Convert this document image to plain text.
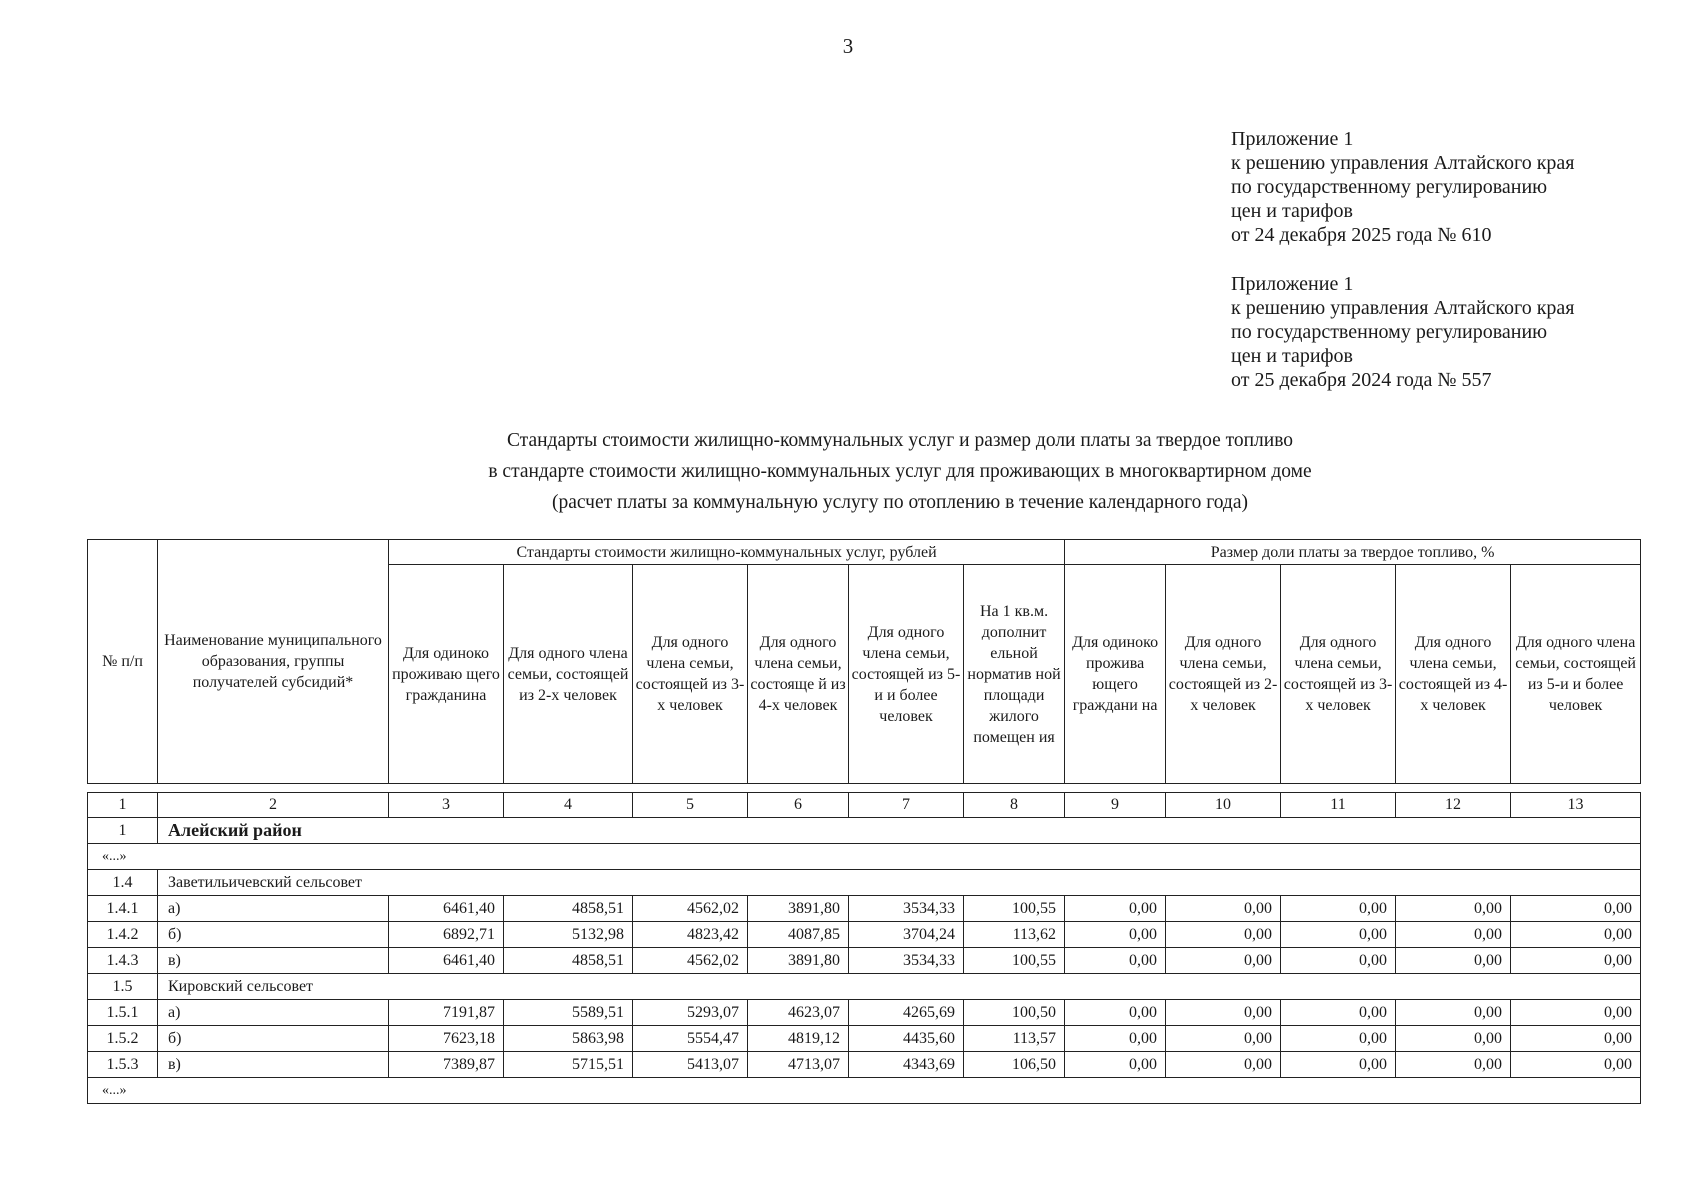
3
Приложение 1
к решению управления Алтайского края
по государственному регулированию
цен и тарифов
от 24 декабря 2025 года № 610
Приложение 1
к решению управления Алтайского края
по государственному регулированию
цен и тарифов
от 25 декабря 2024 года № 557
Стандарты стоимости жилищно-коммунальных услуг и размер доли платы за твердое топливо
в стандарте стоимости жилищно-коммунальных услуг для проживающих в многоквартирном доме
(расчет платы за коммунальную услугу по отоплению в течение календарного года)
№ п/п	Наименование муниципального образования, группы получателей субсидий*	Стандарты стоимости жилищно-коммунальных услуг, рублей						Размер доли платы за твердое топливо, %				
		Для одиноко проживаю щего гражданина	Для одного члена семьи, состоящей из 2-х человек	Для одного члена семьи, состоящей из 3-х человек	Для одного члена семьи, состояще й из 4-х человек	Для одного члена семьи, состоящей из 5-и и более человек	На 1 кв.м. дополнит ельной норматив ной площади жилого помещен ия	Для одиноко прожива ющего граждани на	Для одного члена семьи, состоящей из 2-х человек	Для одного члена семьи, состоящей из 3-х человек	Для одного члена семьи, состоящей из 4-х человек	Для одного члена семьи, состоящей из 5-и и более человек
1	2	3	4	5	6	7	8	9	10	11	12	13
1	Алейский район											
«...»												
1.4	Заветильичевский сельсовет											
1.4.1	а)	6461,40	4858,51	4562,02	3891,80	3534,33	100,55	0,00	0,00	0,00	0,00	0,00
1.4.2	б)	6892,71	5132,98	4823,42	4087,85	3704,24	113,62	0,00	0,00	0,00	0,00	0,00
1.4.3	в)	6461,40	4858,51	4562,02	3891,80	3534,33	100,55	0,00	0,00	0,00	0,00	0,00
1.5	Кировский сельсовет											
1.5.1	а)	7191,87	5589,51	5293,07	4623,07	4265,69	100,50	0,00	0,00	0,00	0,00	0,00
1.5.2	б)	7623,18	5863,98	5554,47	4819,12	4435,60	113,57	0,00	0,00	0,00	0,00	0,00
1.5.3	в)	7389,87	5715,51	5413,07	4713,07	4343,69	106,50	0,00	0,00	0,00	0,00	0,00
«...»												
